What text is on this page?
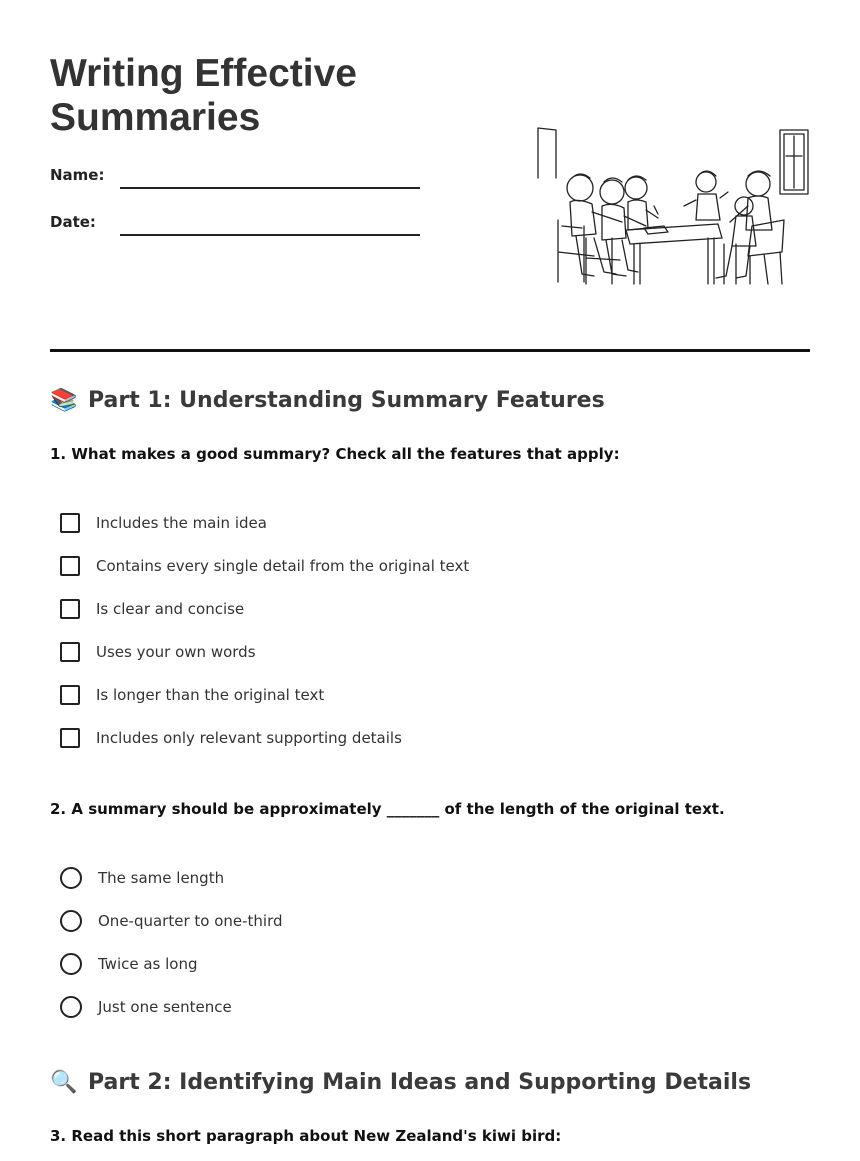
Writing Effective Summaries
Name:
Date:
📚 Part 1: Understanding Summary Features
1. What makes a good summary? Check all the features that apply:
Includes the main idea
Contains every single detail from the original text
Is clear and concise
Uses your own words
Is longer than the original text
Includes only relevant supporting details
2. A summary should be approximately _______ of the length of the original text.
The same length
One-quarter to one-third
Twice as long
Just one sentence
🔍 Part 2: Identifying Main Ideas and Supporting Details
3. Read this short paragraph about New Zealand's kiwi bird:
